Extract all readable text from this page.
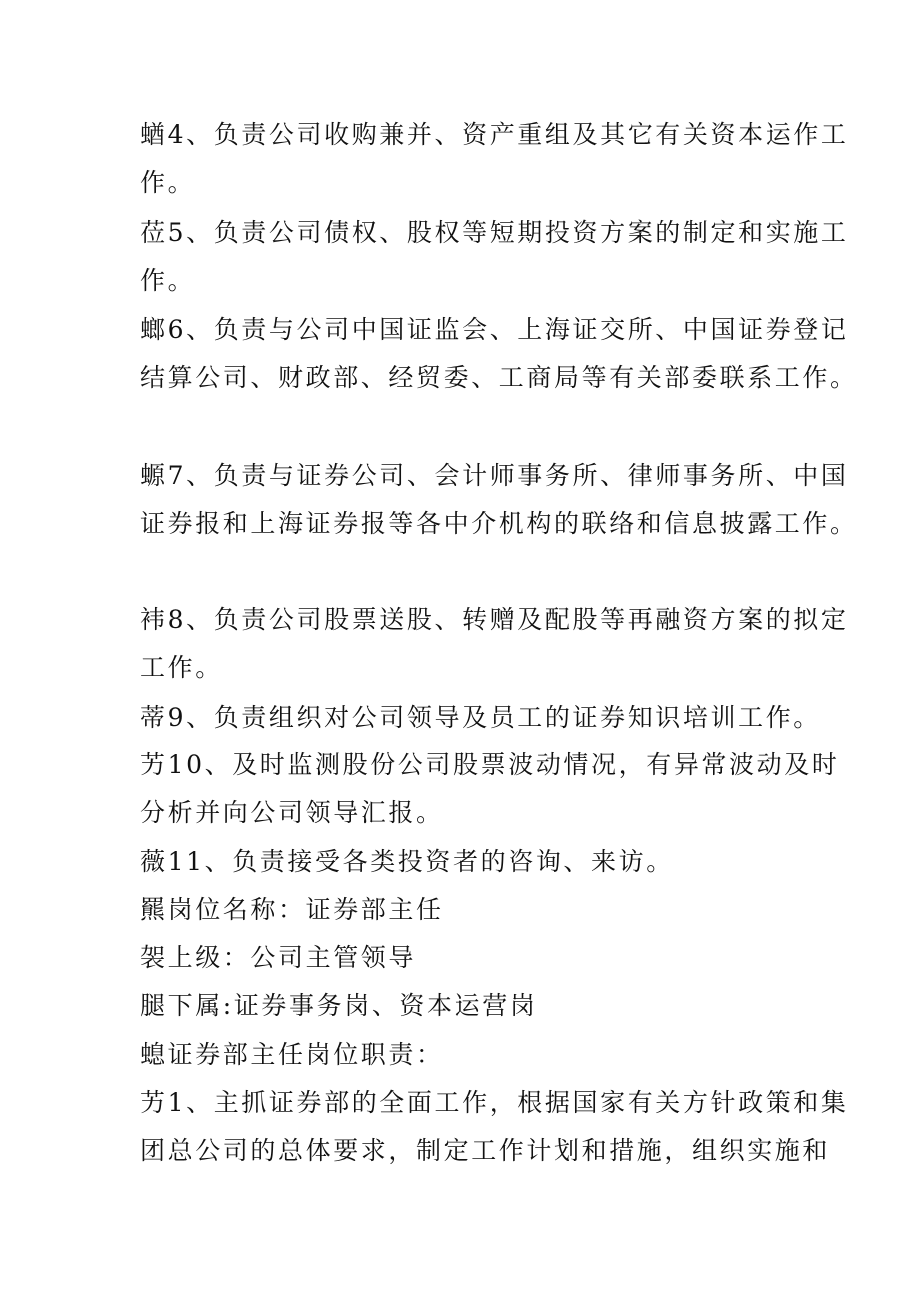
蝤4、负责公司收购兼并、资产重组及其它有关资本运作工
作。
莅5、负责公司债权、股权等短期投资方案的制定和实施工
作。
螂6、负责与公司中国证监会、上海证交所、中国证券登记
结算公司、财政部、经贸委、工商局等有关部委联系工作。
螈7、负责与证券公司、会计师事务所、律师事务所、中国
证券报和上海证券报等各中介机构的联络和信息披露工作。
袆8、负责公司股票送股、转赠及配股等再融资方案的拟定
工作。
蒂9、负责组织对公司领导及员工的证券知识培训工作。
艻10、及时监测股份公司股票波动情况，有异常波动及时
分析并向公司领导汇报。
薇11、负责接受各类投资者的咨询、来访。
羆岗位名称：证券部主任
袈上级：公司主管领导
腿下属:证券事务岗、资本运营岗
螅证券部主任岗位职责：
艻1、主抓证券部的全面工作，根据国家有关方针政策和集
团总公司的总体要求，制定工作计划和措施，组织实施和
